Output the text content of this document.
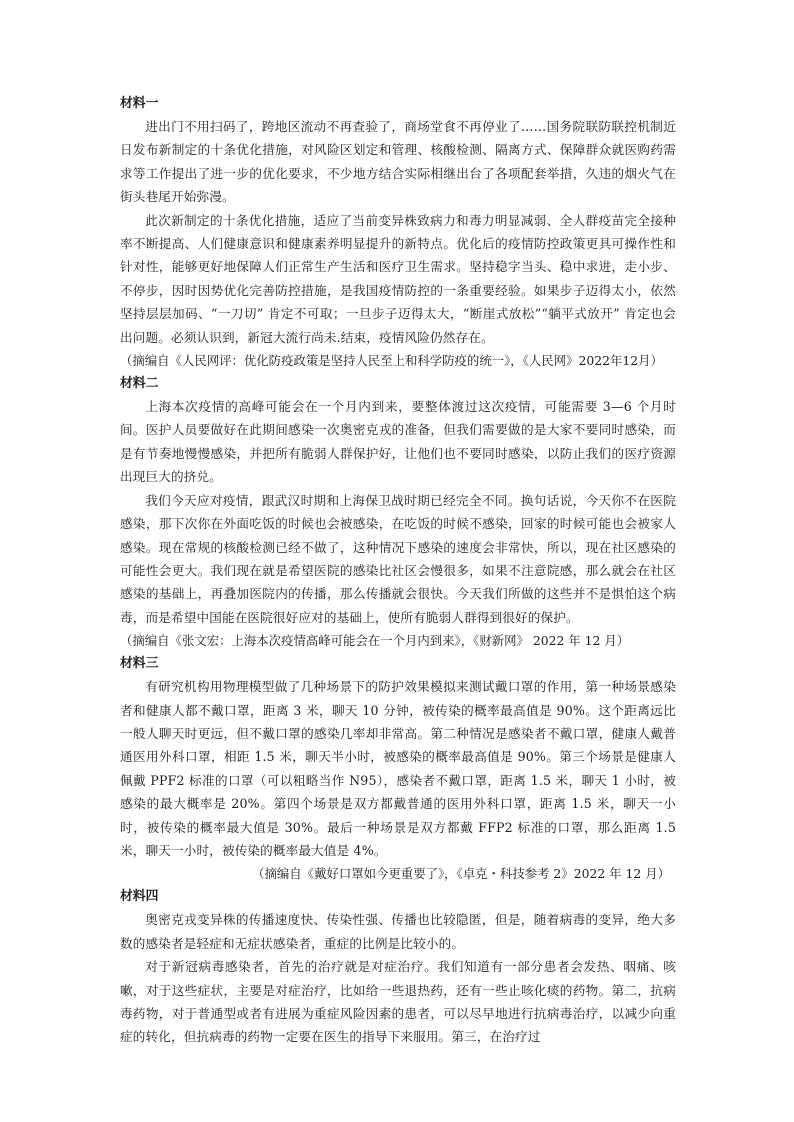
材料一

进出门不用扫码了，跨地区流动不再查验了，商场堂食不再停业了……国务院联防联控机制近日发布新制定的十条优化措施，对风险区划定和管理、核酸检测、隔离方式、保障群众就医购药需求等工作提出了进一步的优化要求，不少地方结合实际相继出台了各项配套举措，久违的烟火气在街头巷尾开始弥漫。

此次新制定的十条优化措施，适应了当前变异株致病力和毒力明显减弱、全人群疫苗完全接种率不断提高、人们健康意识和健康素养明显提升的新特点。优化后的疫情防控政策更具可操作性和针对性，能够更好地保障人们正常生产生活和医疗卫生需求。坚持稳字当头、稳中求进，走小步、不停步，因时因势优化完善防控措施，是我国疫情防控的一条重要经验。如果步子迈得太小，依然坚持层层加码、“一刀切” 肯定不可取；一旦步子迈得太大，“断崖式放松”“躺平式放开” 肯定也会出问题。必须认识到，新冠大流行尚未.结束，疫情风险仍然存在。

（摘编自《人民网评：优化防疫政策是坚持人民至上和科学防疫的统一》，《人民网》2022年12月）

材料二

上海本次疫情的高峰可能会在一个月内到来，要整体渡过这次疫情，可能需要 3—6 个月时间。医护人员要做好在此期间感染一次奥密克戎的准备，但我们需要做的是大家不要同时感染，而是有节奏地慢慢感染，并把所有脆弱人群保护好，让他们也不要同时感染，以防止我们的医疗资源出现巨大的挤兑。

我们今天应对疫情，跟武汉时期和上海保卫战时期已经完全不同。换句话说，今天你不在医院感染，那下次你在外面吃饭的时候也会被感染，在吃饭的时候不感染，回家的时候可能也会被家人感染。现在常规的核酸检测已经不做了，这种情况下感染的速度会非常快，所以，现在社区感染的可能性会更大。我们现在就是希望医院的感染比社区会慢很多，如果不注意院感，那么就会在社区感染的基础上，再叠加医院内的传播，那么传播就会很快。今天我们所做的这些并不是惧怕这个病毒，而是希望中国能在医院很好应对的基础上，使所有脆弱人群得到很好的保护。

（摘编自《张文宏：上海本次疫情高峰可能会在一个月内到来》，《财新网》 2022 年 12 月）

材料三

有研究机构用物理模型做了几种场景下的防护效果模拟来测试戴口罩的作用，第一种场景感染者和健康人都不戴口罩，距离 3 米，聊天 10 分钟，被传染的概率最高值是 90%。这个距离远比一般人聊天时更远，但不戴口罩的感染几率却非常高。第二种情况是感染者不戴口罩，健康人戴普通医用外科口罩，相距 1.5 米，聊天半小时，被感染的概率最高值是 90%。第三个场景是健康人佩戴 PPF2 标准的口罩（可以粗略当作 N95），感染者不戴口罩，距离 1.5 米，聊天 1 小时，被感染的最大概率是 20%。第四个场景是双方都戴普通的医用外科口罩，距离 1.5 米，聊天一小时，被传染的概率最大值是 30%。最后一种场景是双方都戴 FFP2 标准的口罩，那么距离 1.5 米，聊天一小时，被传染的概率最大值是 4%。

（摘编自《戴好口罩如今更重要了》，《卓克・科技参考 2》2022 年 12 月）

材料四

奥密克戎变异株的传播速度快、传染性强、传播也比较隐匿，但是，随着病毒的变异，绝大多数的感染者是轻症和无症状感染者，重症的比例是比较小的。

对于新冠病毒感染者，首先的治疗就是对症治疗。我们知道有一部分患者会发热、咽痛、咳嗽，对于这些症状，主要是对症治疗，比如给一些退热药，还有一些止咳化痰的药物。第二，抗病毒药物，对于普通型或者有进展为重症风险因素的患者，可以尽早地进行抗病毒治疗，以减少向重症的转化，但抗病毒的药物一定要在医生的指导下来服用。第三，在治疗过
